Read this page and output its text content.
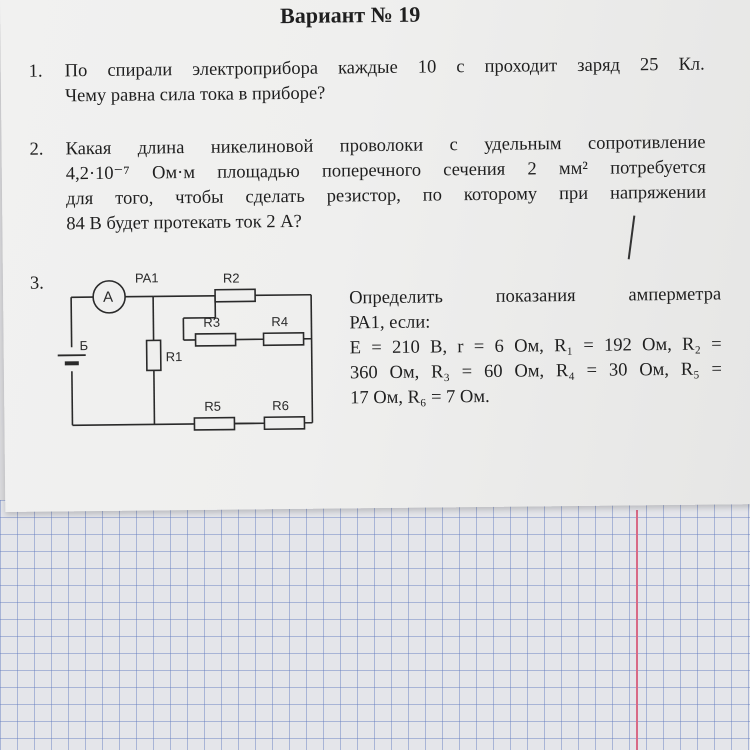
Вариант № 19
1. По спирали электроприбора каждые 10 с проходит заряд 25 Кл.

Чему равна сила тока в приборе?

2. Какая длина никелиновой проволоки с удельным сопротивление

4,2·10⁻⁷ Ом·м площадью поперечного сечения 2 мм² потребуется

для того, чтобы сделать резистор, по которому при напряжении

84 В будет протекать ток 2 А?

3.
A
PA1
Б
R1
R2
R3	R4
R5	R6

Определить показания амперметра

РА1, если:

Е = 210 В, r = 6 Ом, R₁ = 192 Ом, R₂ =

360 Ом, R₃ = 60 Ом, R₄ = 30 Ом, R₅ =

17 Ом, R₆ = 7 Ом.
